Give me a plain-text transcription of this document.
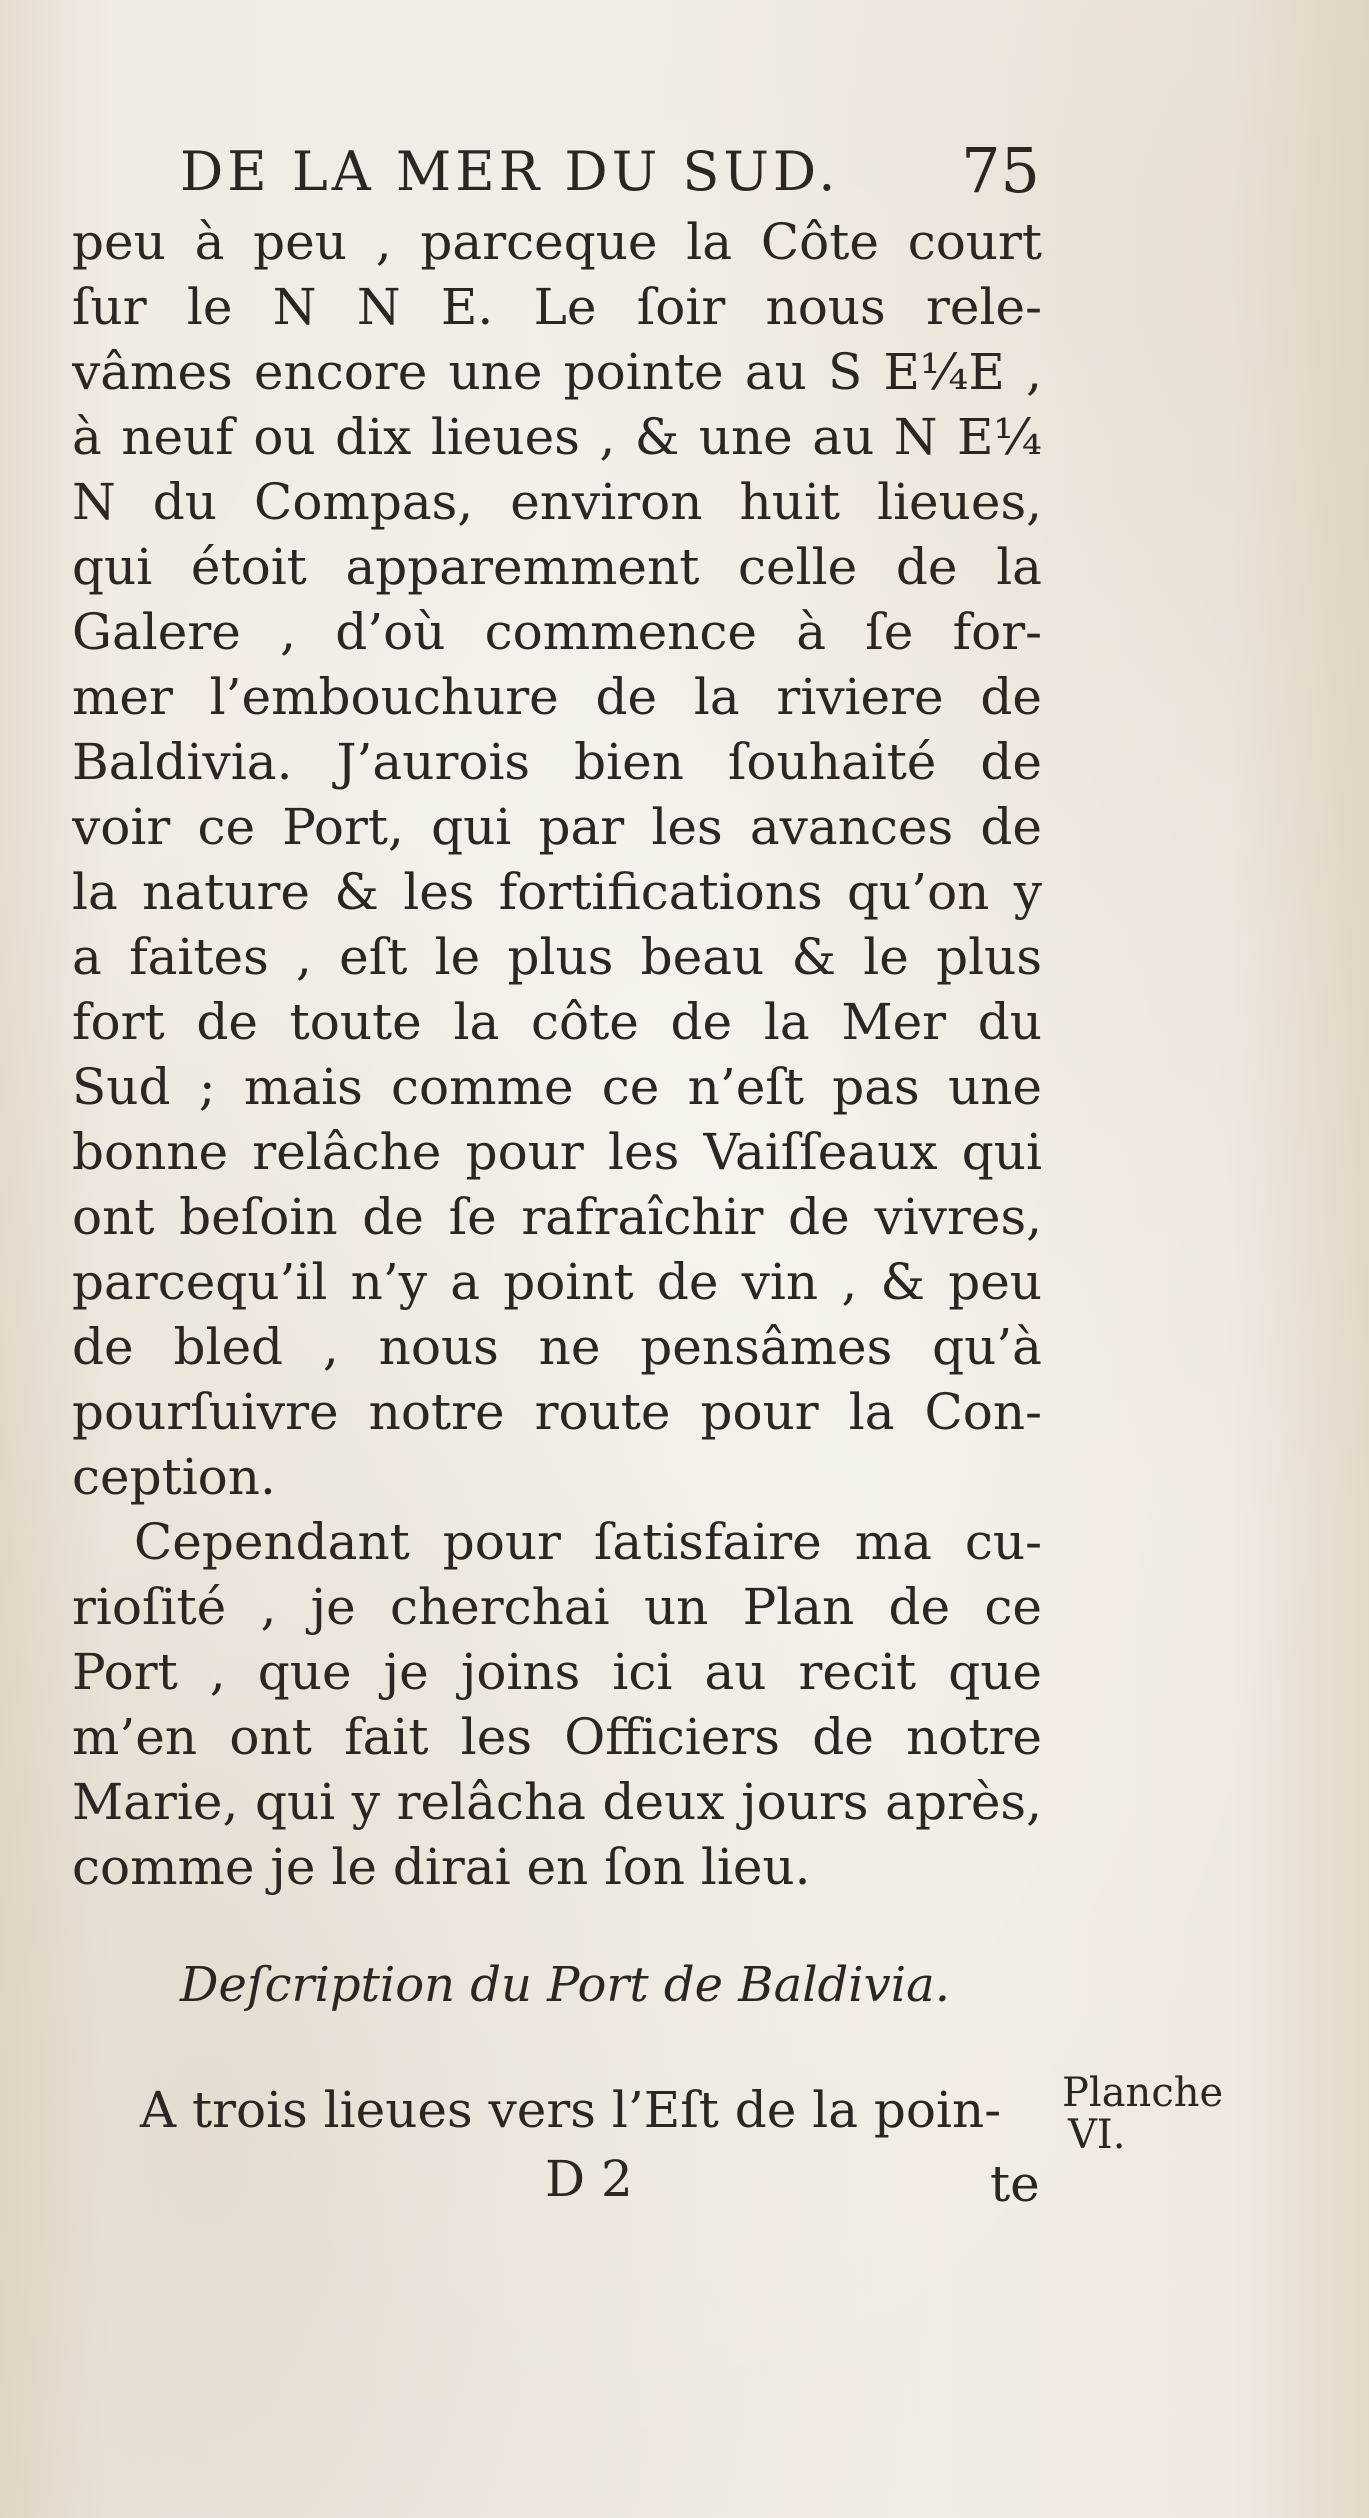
DE LA MER DU SUD. 75
peu à peu , parceque la Côte court
ſur le N N E. Le ſoir nous rele-
vâmes encore une pointe au S E¼E ,
à neuf ou dix lieues , & une au N E¼
N du Compas, environ huit lieues,
qui étoit apparemment celle de la
Galere , d’où commence à ſe for-
mer l’embouchure de la riviere de
Baldivia. J’aurois bien ſouhaité de
voir ce Port, qui par les avances de
la nature & les fortifications qu’on y
a faites , eſt le plus beau & le plus
fort de toute la côte de la Mer du
Sud ; mais comme ce n’eſt pas une
bonne relâche pour les Vaiſſeaux qui
ont beſoin de ſe rafraîchir de vivres,
parcequ’il n’y a point de vin , & peu
de bled , nous ne pensâmes qu’à
pourſuivre notre route pour la Con-
ception.
Cependant pour ſatisfaire ma cu-
rioſité , je cherchai un Plan de ce
Port , que je joins ici au recit que
m’en ont fait les Officiers de notre
Marie, qui y relâcha deux jours après,
comme je le dirai en ſon lieu.
Deſcription du Port de Baldivia.
A trois lieues vers l’Eſt de la poin-	Planche
VI.
D 2	te
